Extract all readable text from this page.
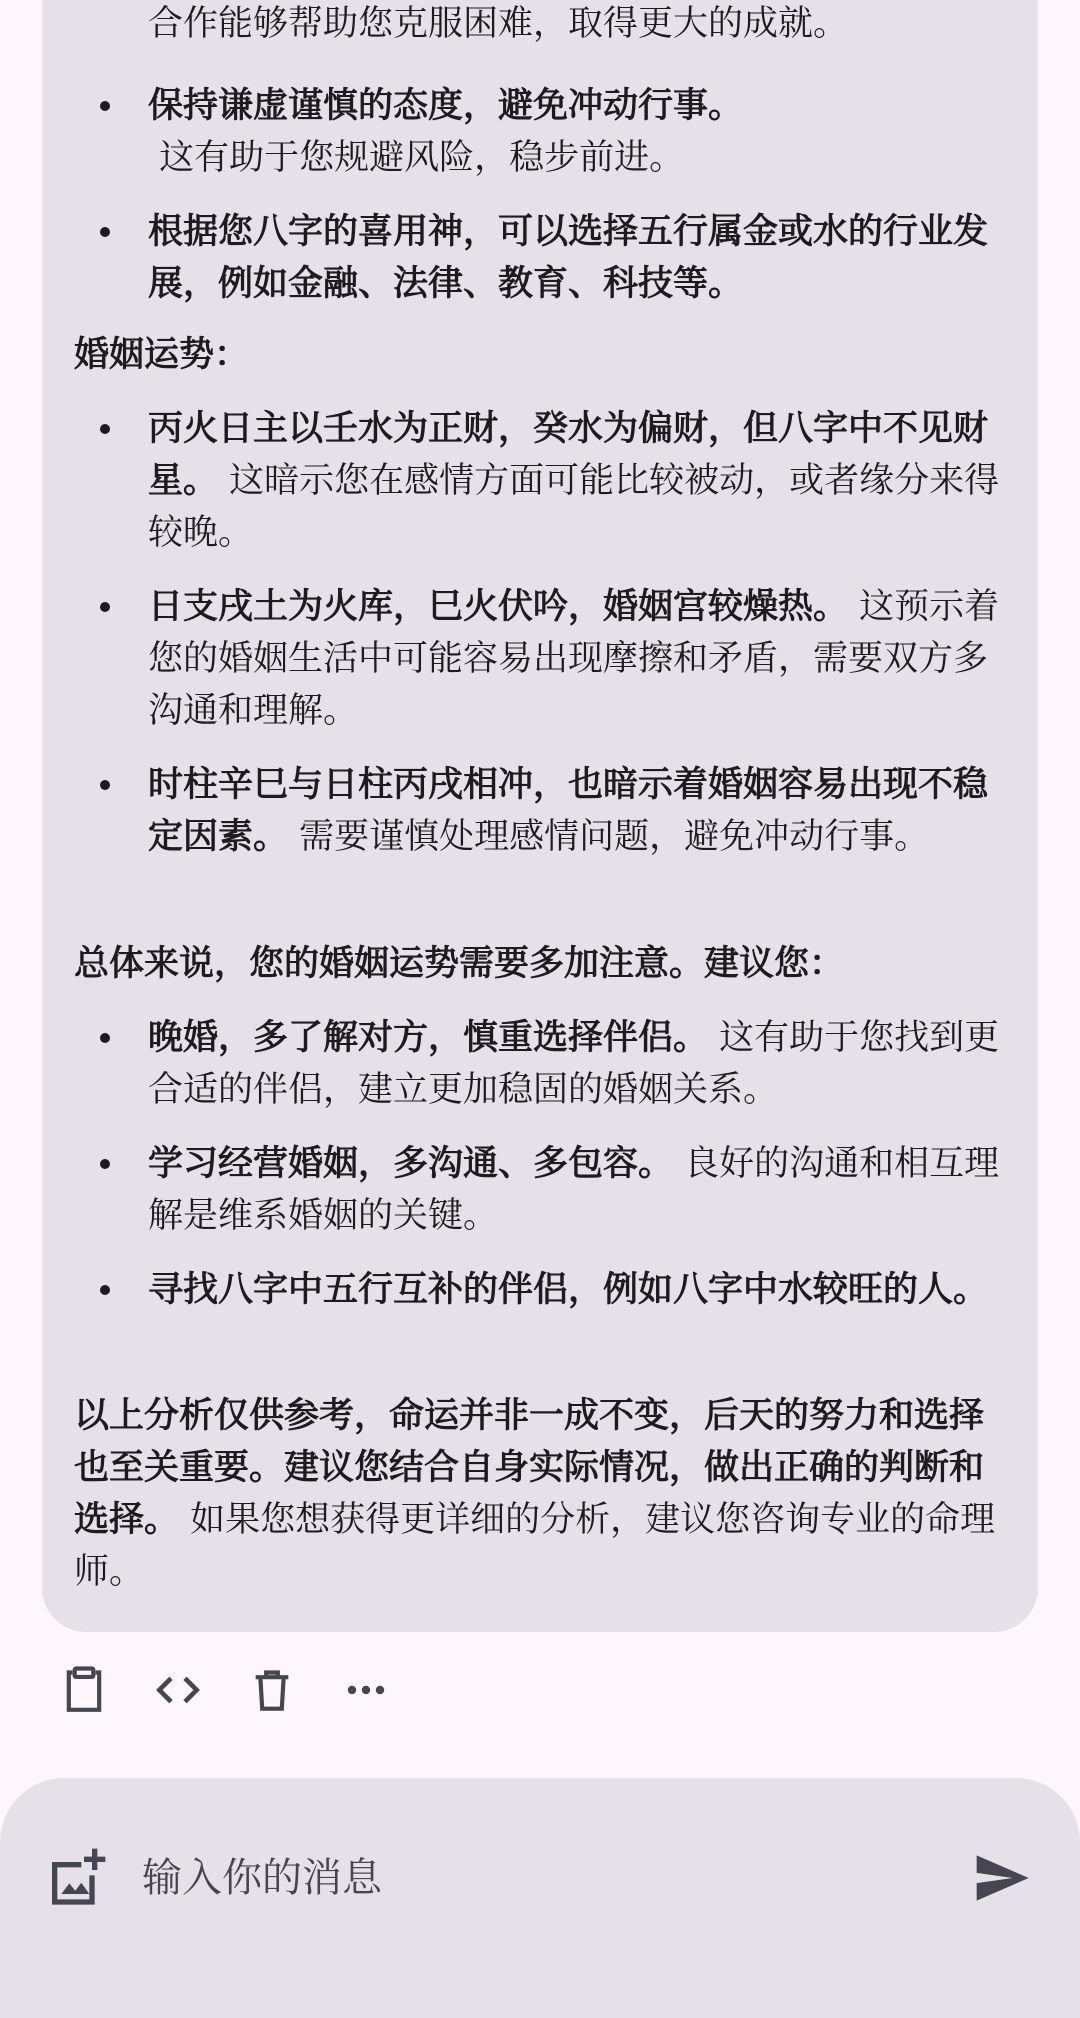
合作能够帮助您克服困难，取得更大的成就。
保持谦虚谨慎的态度，避免冲动行事。 这有助于您规避风险，稳步前进。
根据您八字的喜用神，可以选择五行属金或水的行业发展，例如金融、法律、教育、科技等。
婚姻运势：
丙火日主以壬水为正财，癸水为偏财，但八字中不见财星。 这暗示您在感情方面可能比较被动，或者缘分来得较晚。
日支戌土为火库，巳火伏吟，婚姻宫较燥热。 这预示着您的婚姻生活中可能容易出现摩擦和矛盾，需要双方多沟通和理解。
时柱辛巳与日柱丙戌相冲，也暗示着婚姻容易出现不稳定因素。 需要谨慎处理感情问题，避免冲动行事。
总体来说，您的婚姻运势需要多加注意。建议您：
晚婚，多了解对方，慎重选择伴侣。 这有助于您找到更合适的伴侣，建立更加稳固的婚姻关系。
学习经营婚姻，多沟通、多包容。 良好的沟通和相互理解是维系婚姻的关键。
寻找八字中五行互补的伴侣，例如八字中水较旺的人。
以上分析仅供参考，命运并非一成不变，后天的努力和选择也至关重要。建议您结合自身实际情况，做出正确的判断和选择。 如果您想获得更详细的分析，建议您咨询专业的命理师。
输入你的消息
